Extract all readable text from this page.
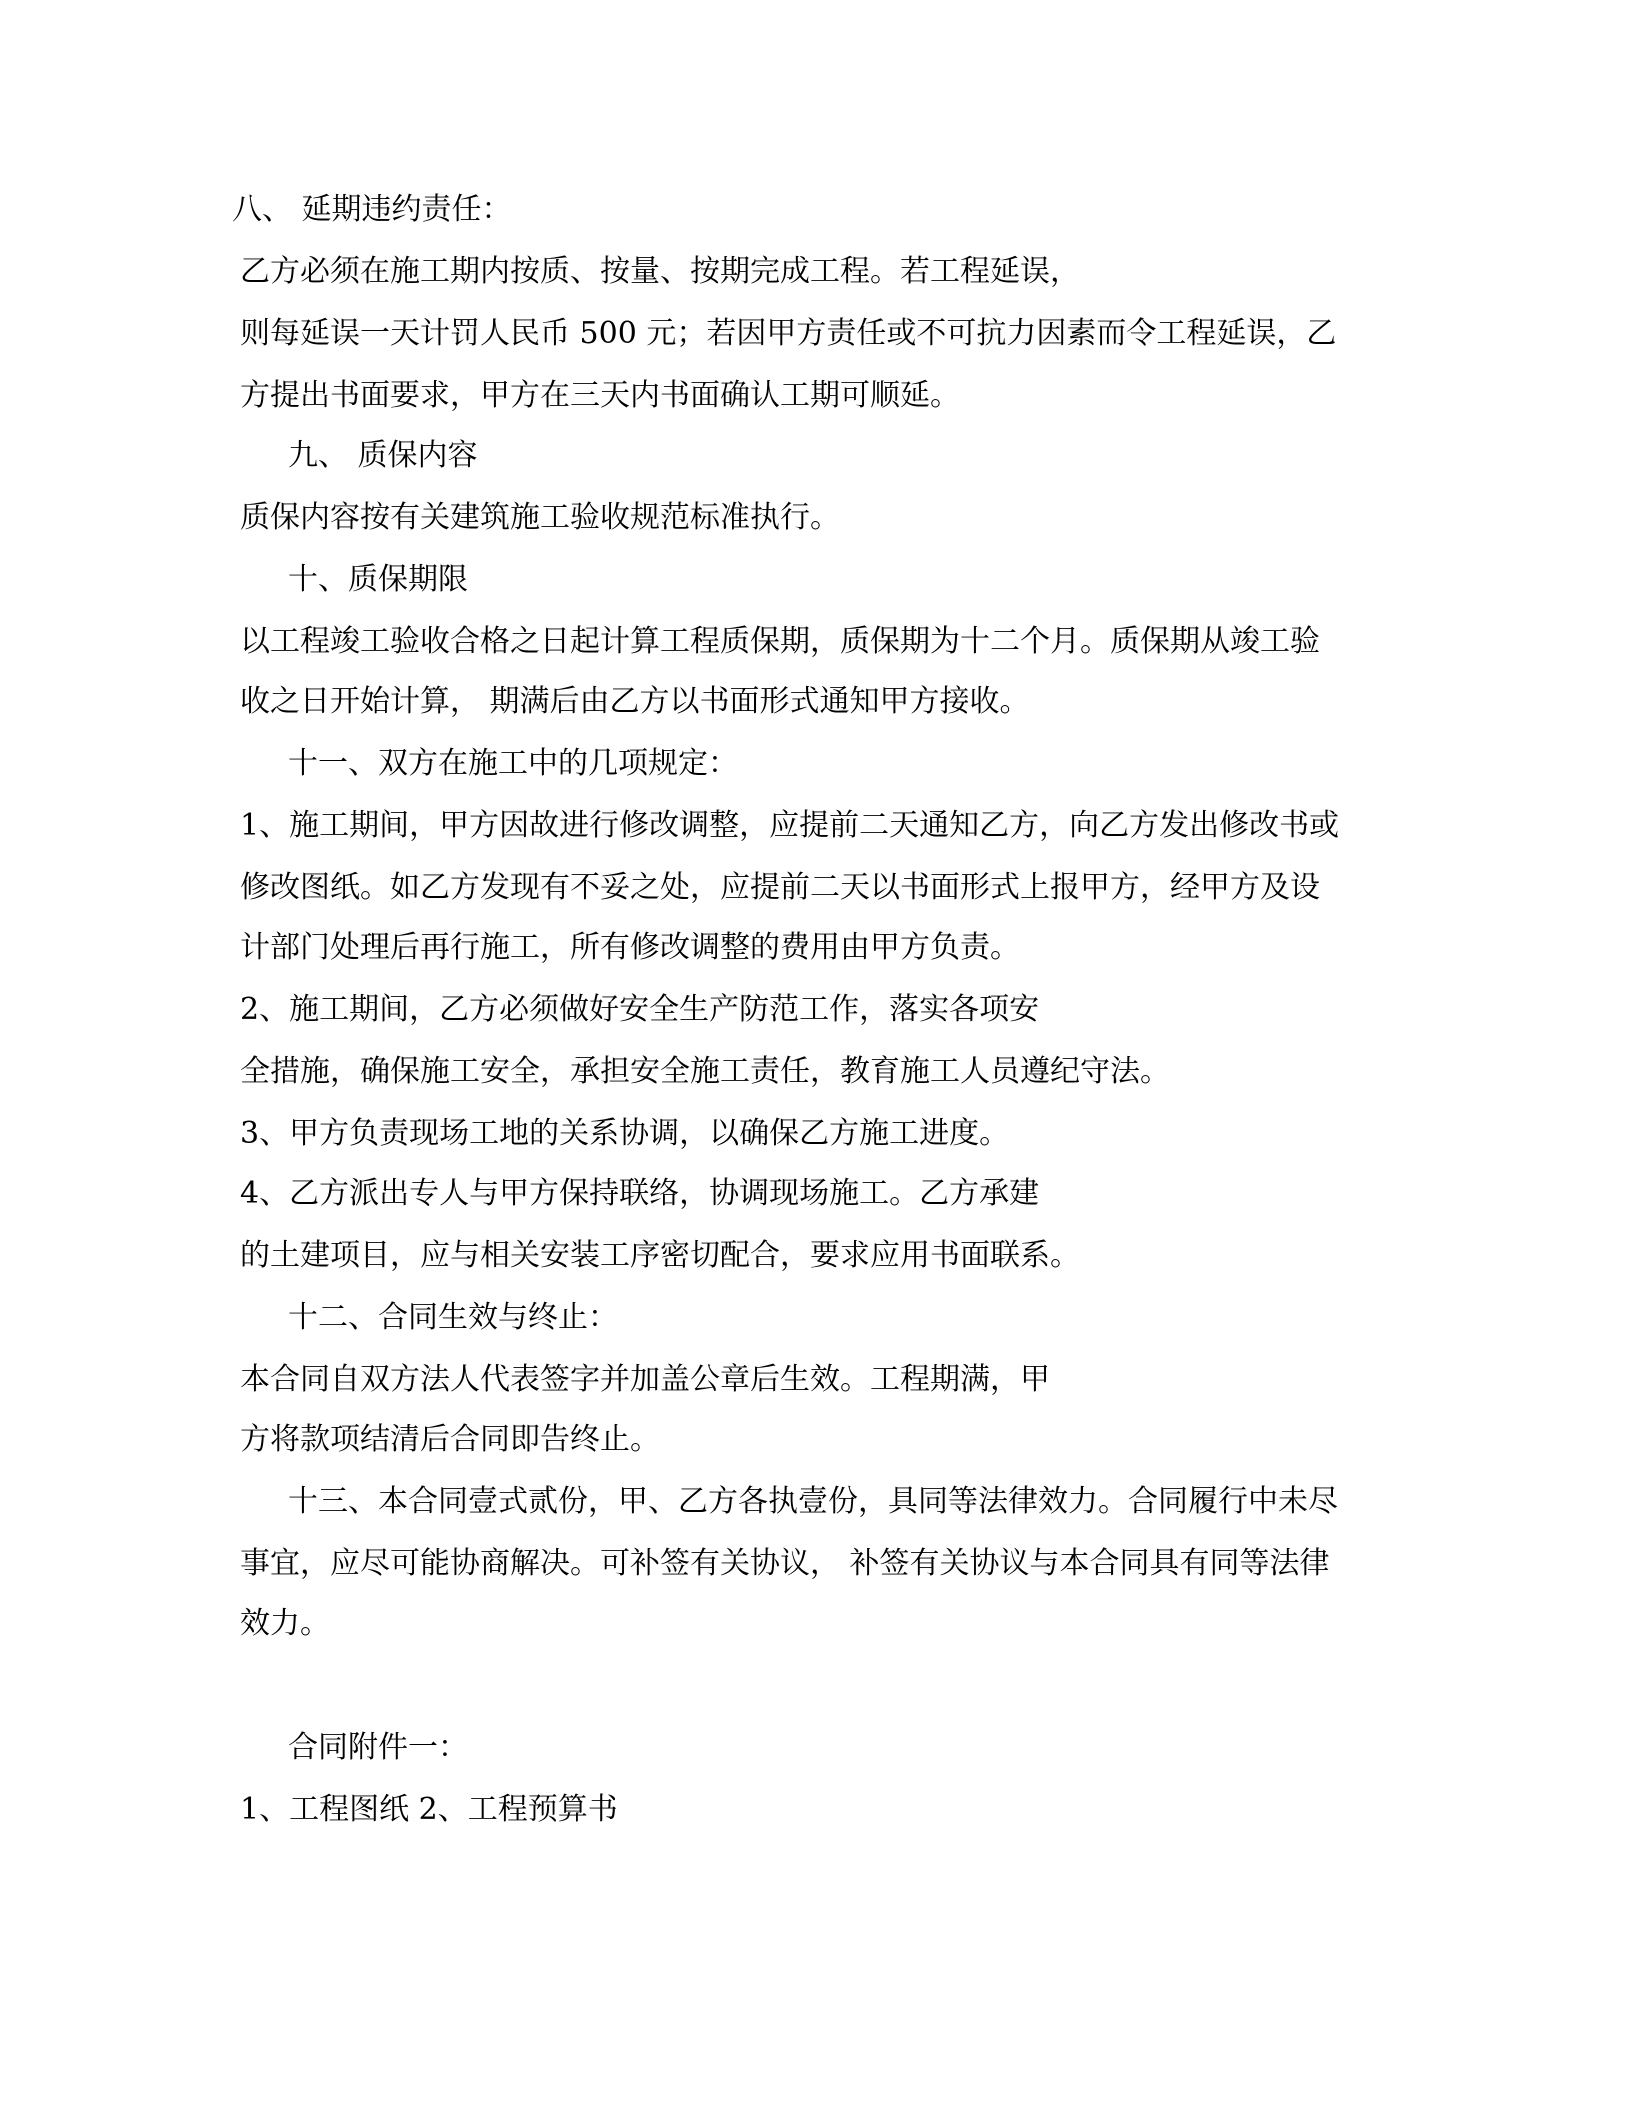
八、 延期违约责任：
乙方必须在施工期内按质、按量、按期完成工程。若工程延误，
则每延误一天计罚人民币 500 元；若因甲方责任或不可抗力因素而令工程延误，乙
方提出书面要求，甲方在三天内书面确认工期可顺延。
九、 质保内容
质保内容按有关建筑施工验收规范标准执行。
十、质保期限
以工程竣工验收合格之日起计算工程质保期，质保期为十二个月。质保期从竣工验
收之日开始计算， 期满后由乙方以书面形式通知甲方接收。
十一、双方在施工中的几项规定：
1、施工期间，甲方因故进行修改调整，应提前二天通知乙方，向乙方发出修改书或
修改图纸。如乙方发现有不妥之处，应提前二天以书面形式上报甲方，经甲方及设
计部门处理后再行施工，所有修改调整的费用由甲方负责。
2、施工期间，乙方必须做好安全生产防范工作，落实各项安
全措施，确保施工安全，承担安全施工责任，教育施工人员遵纪守法。
3、甲方负责现场工地的关系协调，以确保乙方施工进度。
4、乙方派出专人与甲方保持联络，协调现场施工。乙方承建
的土建项目，应与相关安装工序密切配合，要求应用书面联系。
十二、合同生效与终止：
本合同自双方法人代表签字并加盖公章后生效。工程期满，甲
方将款项结清后合同即告终止。
十三、本合同壹式贰份，甲、乙方各执壹份，具同等法律效力。合同履行中未尽
事宜，应尽可能协商解决。可补签有关协议， 补签有关协议与本合同具有同等法律
效力。
合同附件一：
1、工程图纸 2、工程预算书
